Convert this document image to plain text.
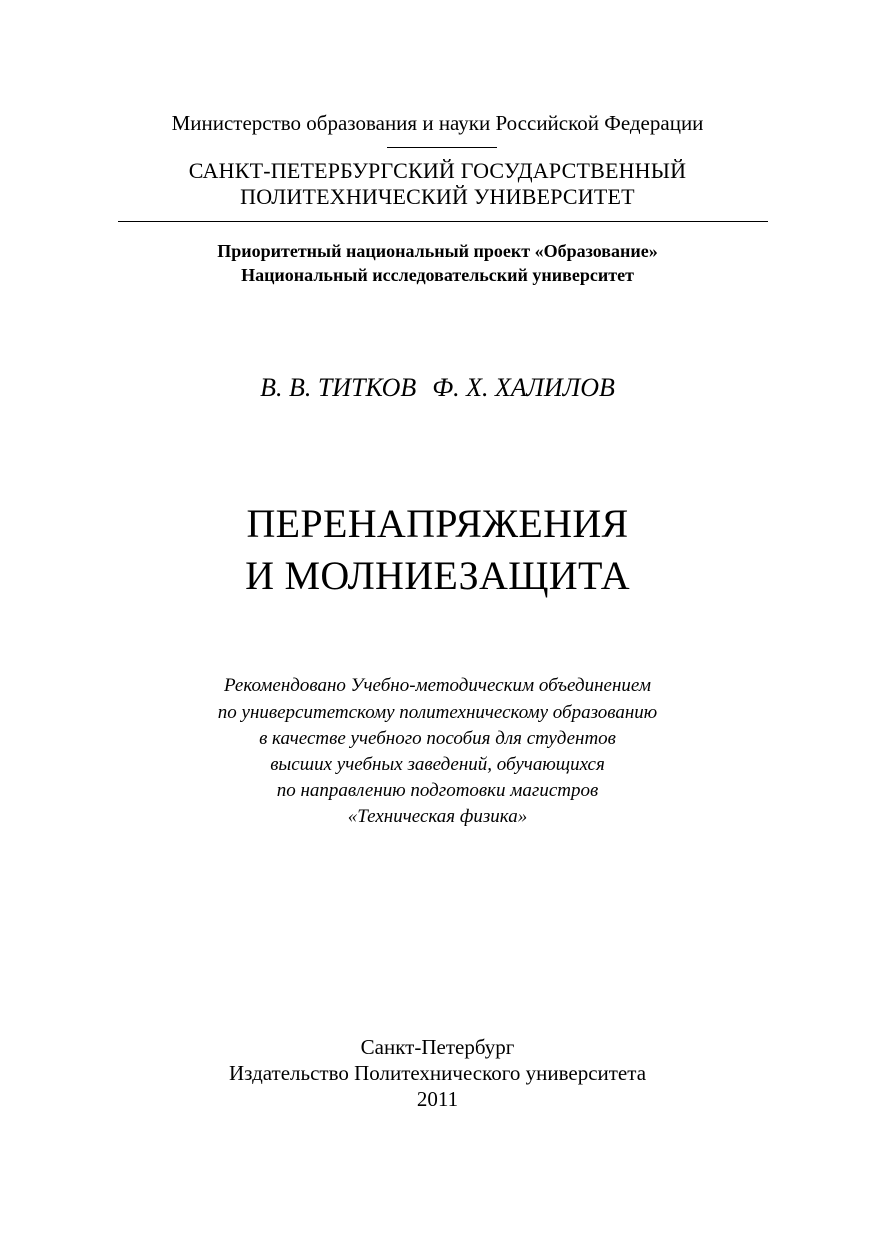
Министерство образования и науки Российской Федерации
САНКТ-ПЕТЕРБУРГСКИЙ ГОСУДАРСТВЕННЫЙ
ПОЛИТЕХНИЧЕСКИЙ УНИВЕРСИТЕТ
Приоритетный национальный проект «Образование»
Национальный исследовательский университет
В. В. ТИТКОВ Ф. Х. ХАЛИЛОВ
ПЕРЕНАПРЯЖЕНИЯ
И МОЛНИЕЗАЩИТА
Рекомендовано Учебно-методическим объединением
по университетскому политехническому образованию
в качестве учебного пособия для студентов
высших учебных заведений, обучающихся
по направлению подготовки магистров
«Техническая физика»
Санкт-Петербург
Издательство Политехнического университета
2011
